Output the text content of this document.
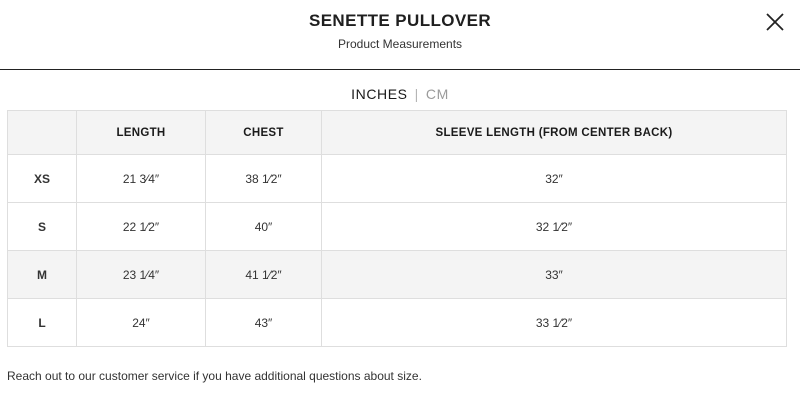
SENETTE PULLOVER
Product Measurements
INCHES | CM
	LENGTH	CHEST	SLEEVE LENGTH (FROM CENTER BACK)
XS	21 3⁄4″	38 1⁄2″	32″
S	22 1⁄2″	40″	32 1⁄2″
M	23 1⁄4″	41 1⁄2″	33″
L	24″	43″	33 1⁄2″
Reach out to our customer service if you have additional questions about size.
